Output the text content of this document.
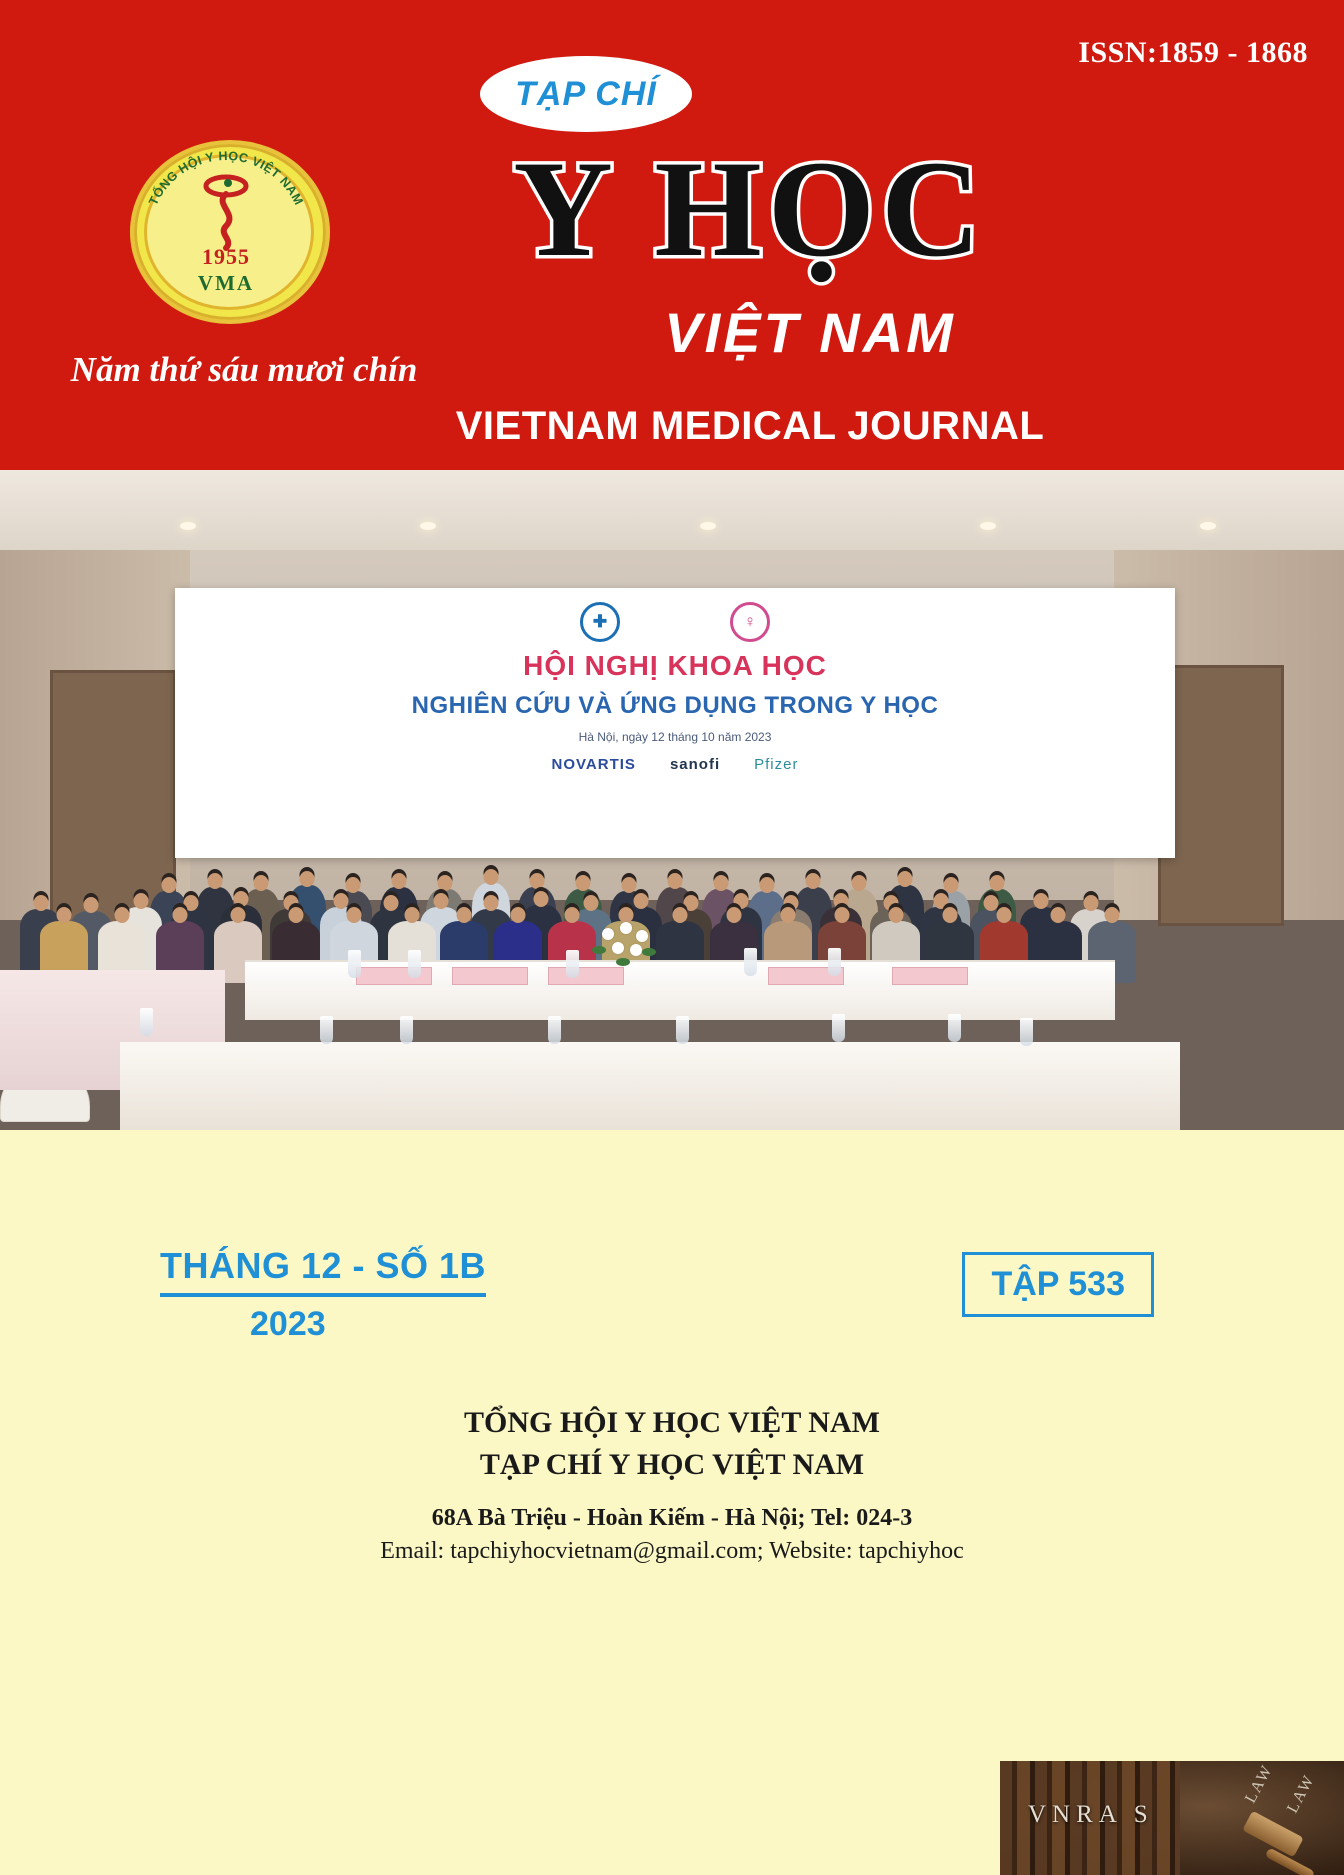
ISSN:1859 - 1868
TỔNG HỘI Y HỌC VIỆT NAM
1955
VMA
Năm thứ sáu mươi chín
TẠP CHÍ
Y HỌC
VIỆT NAM
VIETNAM MEDICAL JOURNAL
✚	♀
HỘI NGHỊ KHOA HỌC
NGHIÊN CỨU VÀ ỨNG DỤNG TRONG Y HỌC
Hà Nội, ngày 12 tháng 10 năm 2023
NOVARTIS sanofi Pfizer
THÁNG 12 - SỐ 1B
2023
TẬP 533
TỔNG HỘI Y HỌC VIỆT NAM
TẠP CHÍ Y HỌC VIỆT NAM
68A Bà Triệu - Hoàn Kiếm - Hà Nội; Tel: 024-3
Email: tapchiyhocvietnam@gmail.com; Website: tapchiyhoc
LAW LAW
VNRA S
